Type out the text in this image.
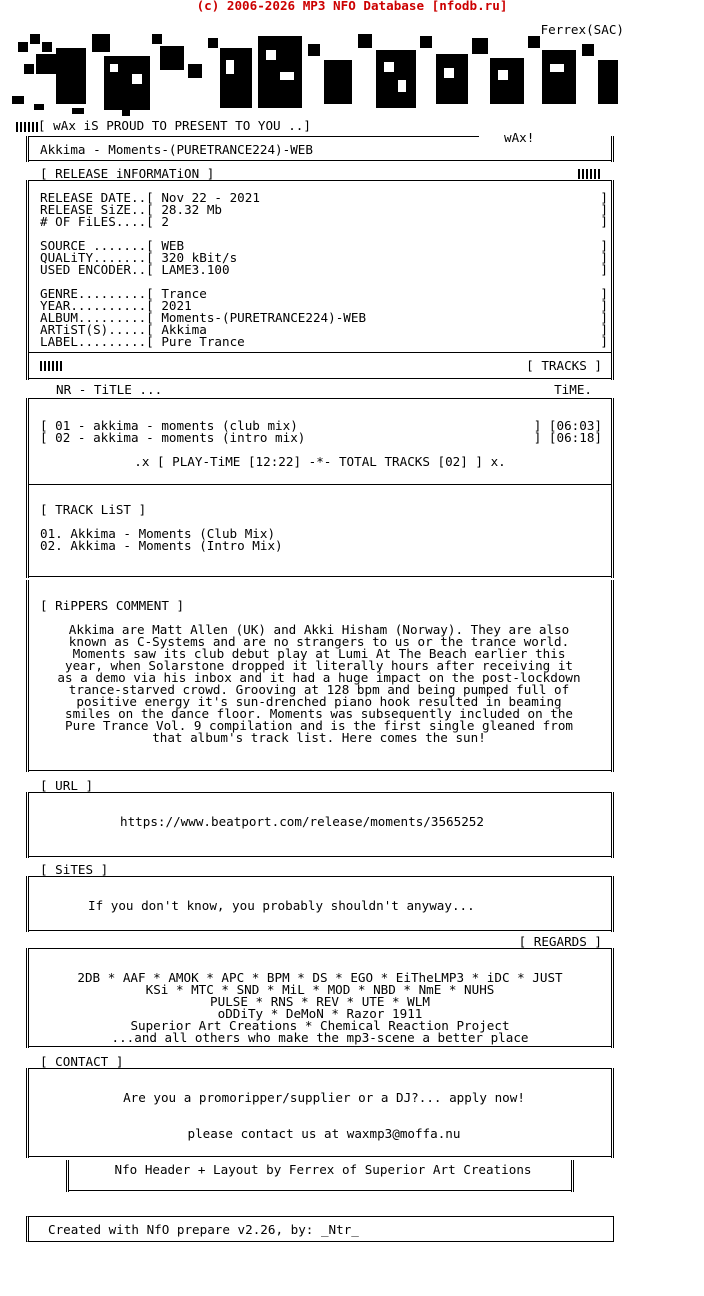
(c) 2006-2026 MP3 NFO Database [nfodb.ru]
Ferrex(SAC)
[ wAx iS PROUD TO PRESENT TO YOU ..]
wAx!
Akkima - Moments-(PURETRANCE224)-WEB
[ RELEASE iNFORMATiON ]
RELEASE DATE..[ Nov 22 - 2021
RELEASE SiZE..[ 28.32 Mb
# OF FiLES....[ 2
SOURCE .......[ WEB
QUALiTY.......[ 320 kBit/s
USED ENCODER..[ LAME3.100
GENRE.........[ Trance
YEAR..........[ 2021
ALBUM.........[ Moments-(PURETRANCE224)-WEB
ARTiST(S).....[ Akkima
LABEL.........[ Pure Trance
]
]
]

]
]
]

]
]
]
]
]
[ TRACKS ]
NR - TiTLE ...	TiME.
[ 01 - akkima - moments (club mix)	] [06:03]
[ 02 - akkima - moments (intro mix)	] [06:18]
.x [ PLAY-TiME [12:22] -*- TOTAL TRACKS [02] ] x.
[ TRACK LiST ]
01. Akkima - Moments (Club Mix)
02. Akkima - Moments (Intro Mix)
[ RiPPERS COMMENT ]
Akkima are Matt Allen (UK) and Akki Hisham (Norway). They are also
known as C-Systems and are no strangers to us or the trance world.
Moments saw its club debut play at Lumi At The Beach earlier this
year, when Solarstone dropped it literally hours after receiving it
as a demo via his inbox and it had a huge impact on the post-lockdown
trance-starved crowd. Grooving at 128 bpm and being pumped full of
positive energy it's sun-drenched piano hook resulted in beaming
smiles on the dance floor. Moments was subsequently included on the
Pure Trance Vol. 9 compilation and is the first single gleaned from
that album's track list. Here comes the sun!
[ URL ]
https://www.beatport.com/release/moments/3565252
[ SiTES ]
If you don't know, you probably shouldn't anyway...
[ REGARDS ]
2DB * AAF * AMOK * APC * BPM * DS * EGO * EiTheLMP3 * iDC * JUST
KSi * MTC * SND * MiL * MOD * NBD * NmE * NUHS
PULSE * RNS * REV * UTE * WLM
oDDiTy * DeMoN * Razor 1911
Superior Art Creations * Chemical Reaction Project
...and all others who make the mp3-scene a better place
[ CONTACT ]
Are you a promoripper/supplier or a DJ?... apply now!
please contact us at waxmp3@moffa.nu
Nfo Header + Layout by Ferrex of Superior Art Creations
Created with NfO prepare v2.26, by: _Ntr_
